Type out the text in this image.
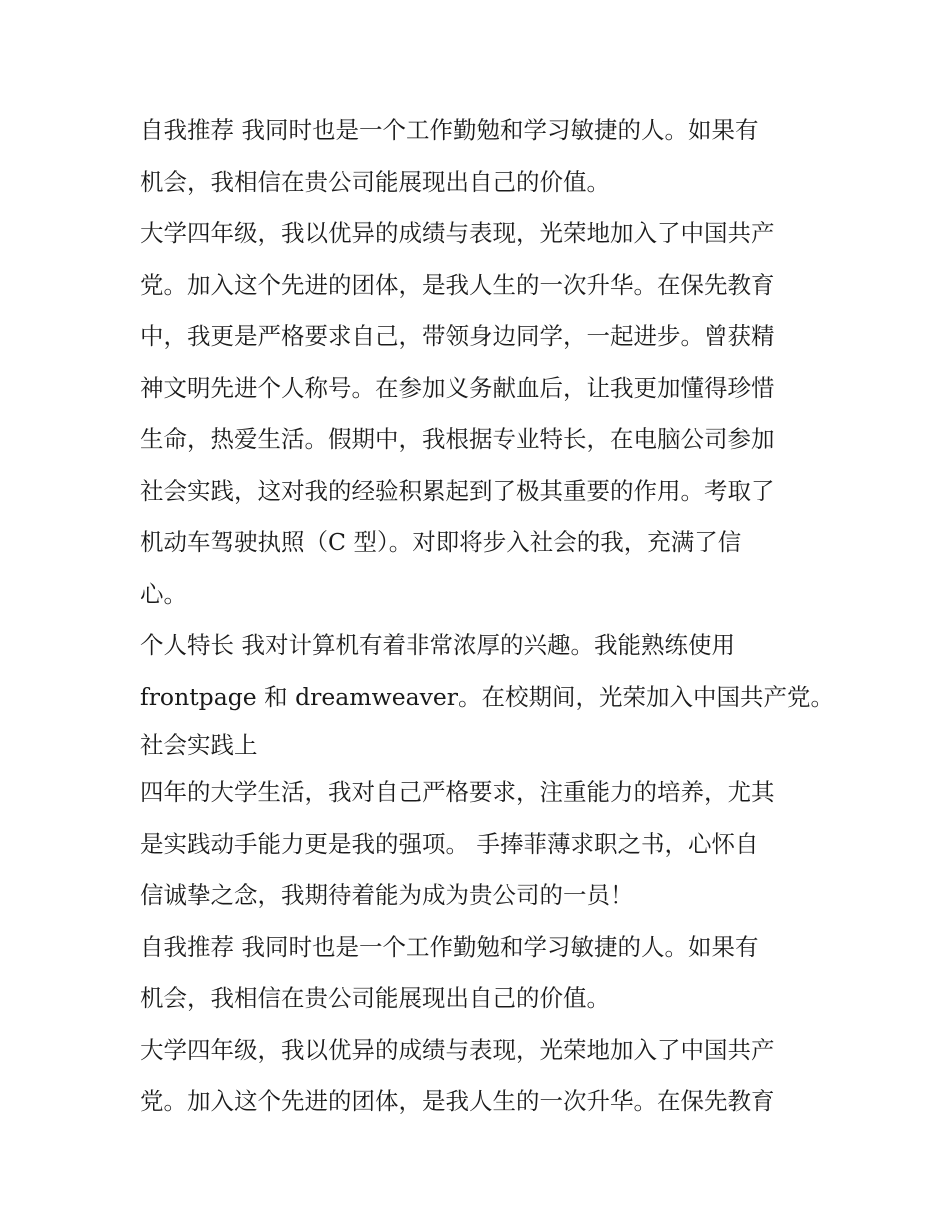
自我推荐 我同时也是一个工作勤勉和学习敏捷的人。如果有
机会，我相信在贵公司能展现出自己的价值。

大学四年级，我以优异的成绩与表现，光荣地加入了中国共产
党。加入这个先进的团体，是我人生的一次升华。在保先教育
中，我更是严格要求自己，带领身边同学，一起进步。曾获精
神文明先进个人称号。在参加义务献血后，让我更加懂得珍惜
生命，热爱生活。假期中，我根据专业特长，在电脑公司参加
社会实践，这对我的经验积累起到了极其重要的作用。考取了
机动车驾驶执照（C 型）。对即将步入社会的我，充满了信
心。

个人特长 我对计算机有着非常浓厚的兴趣。我能熟练使用
frontpage 和 dreamweaver。在校期间，光荣加入中国共产党。
社会实践上

四年的大学生活，我对自己严格要求，注重能力的培养，尤其
是实践动手能力更是我的强项。 手捧菲薄求职之书，心怀自
信诚挚之念，我期待着能为成为贵公司的一员！

自我推荐 我同时也是一个工作勤勉和学习敏捷的人。如果有
机会，我相信在贵公司能展现出自己的价值。

大学四年级，我以优异的成绩与表现，光荣地加入了中国共产
党。加入这个先进的团体，是我人生的一次升华。在保先教育
